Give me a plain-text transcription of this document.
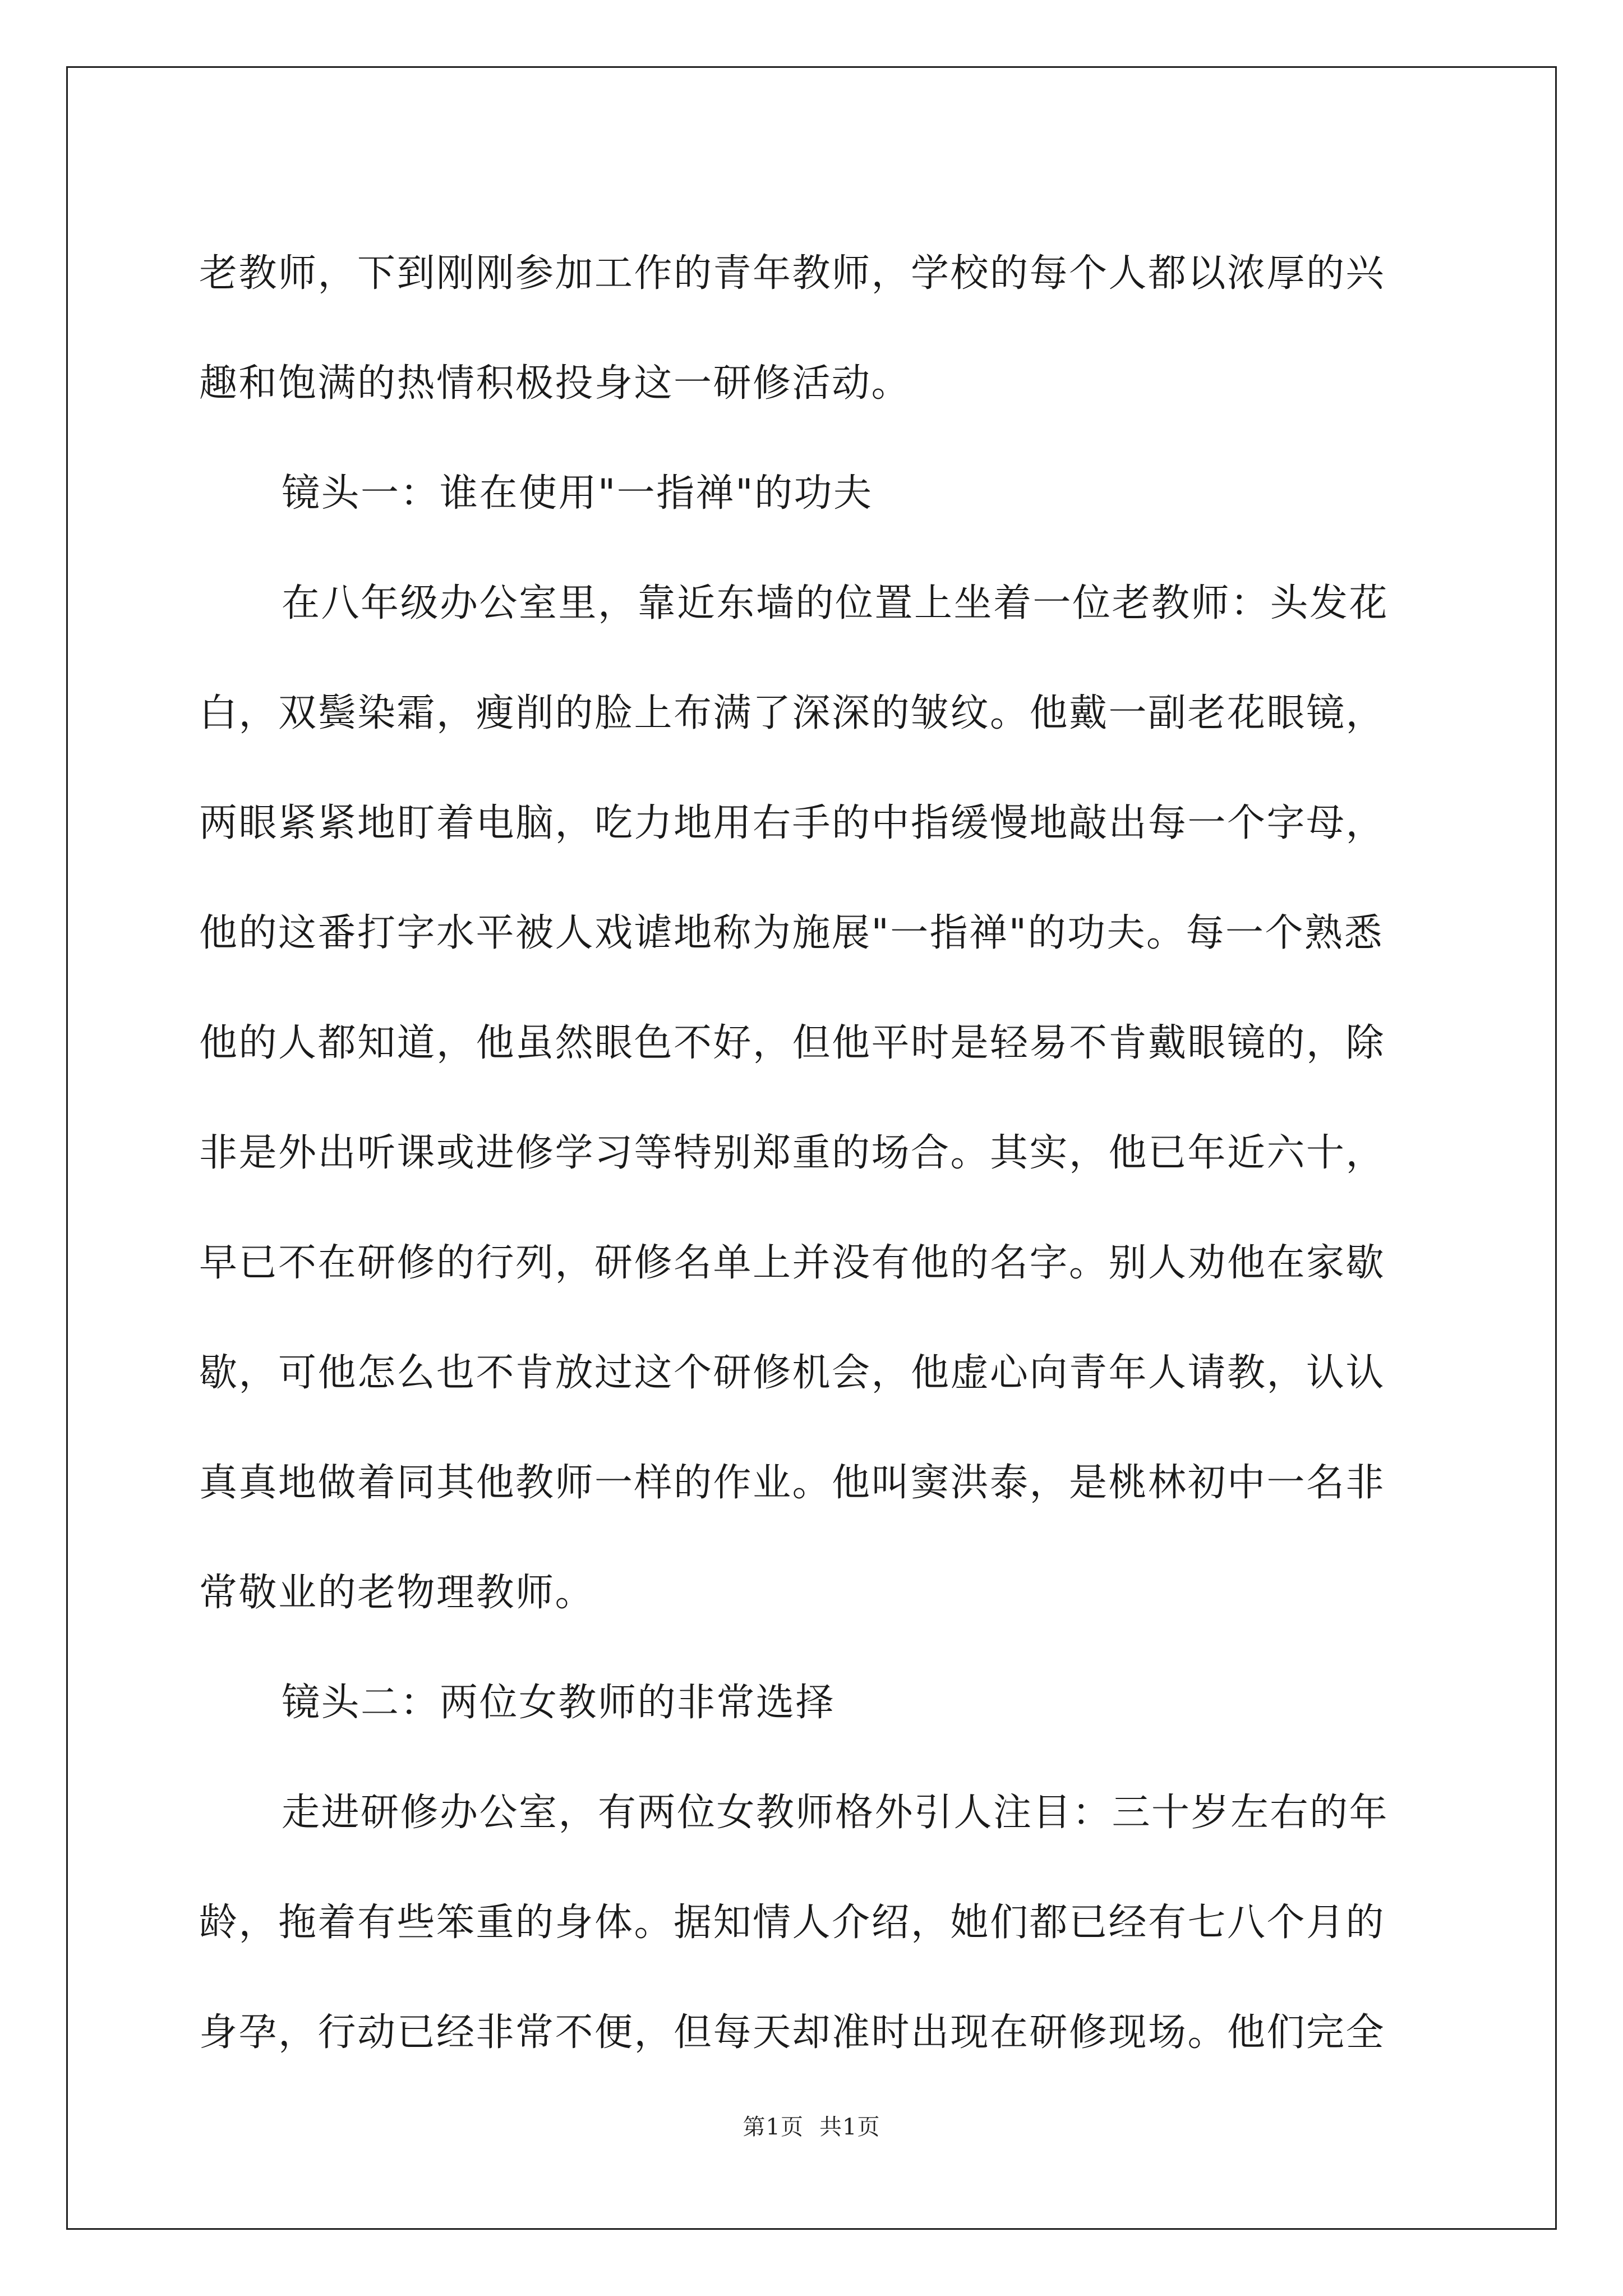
老教师，下到刚刚参加工作的青年教师，学校的每个人都以浓厚的兴
趣和饱满的热情积极投身这一研修活动。
镜头一：谁在使用"一指禅"的功夫
在八年级办公室里，靠近东墙的位置上坐着一位老教师：头发花
白，双鬓染霜，瘦削的脸上布满了深深的皱纹。他戴一副老花眼镜，
两眼紧紧地盯着电脑，吃力地用右手的中指缓慢地敲出每一个字母，
他的这番打字水平被人戏谑地称为施展"一指禅"的功夫。每一个熟悉
他的人都知道，他虽然眼色不好，但他平时是轻易不肯戴眼镜的，除
非是外出听课或进修学习等特别郑重的场合。其实，他已年近六十，
早已不在研修的行列，研修名单上并没有他的名字。别人劝他在家歇
歇，可他怎么也不肯放过这个研修机会，他虚心向青年人请教，认认
真真地做着同其他教师一样的作业。他叫窦洪泰，是桃林初中一名非
常敬业的老物理教师。
镜头二：两位女教师的非常选择
走进研修办公室，有两位女教师格外引人注目：三十岁左右的年
龄，拖着有些笨重的身体。据知情人介绍，她们都已经有七八个月的
身孕，行动已经非常不便，但每天却准时出现在研修现场。他们完全
第1页 共1页
